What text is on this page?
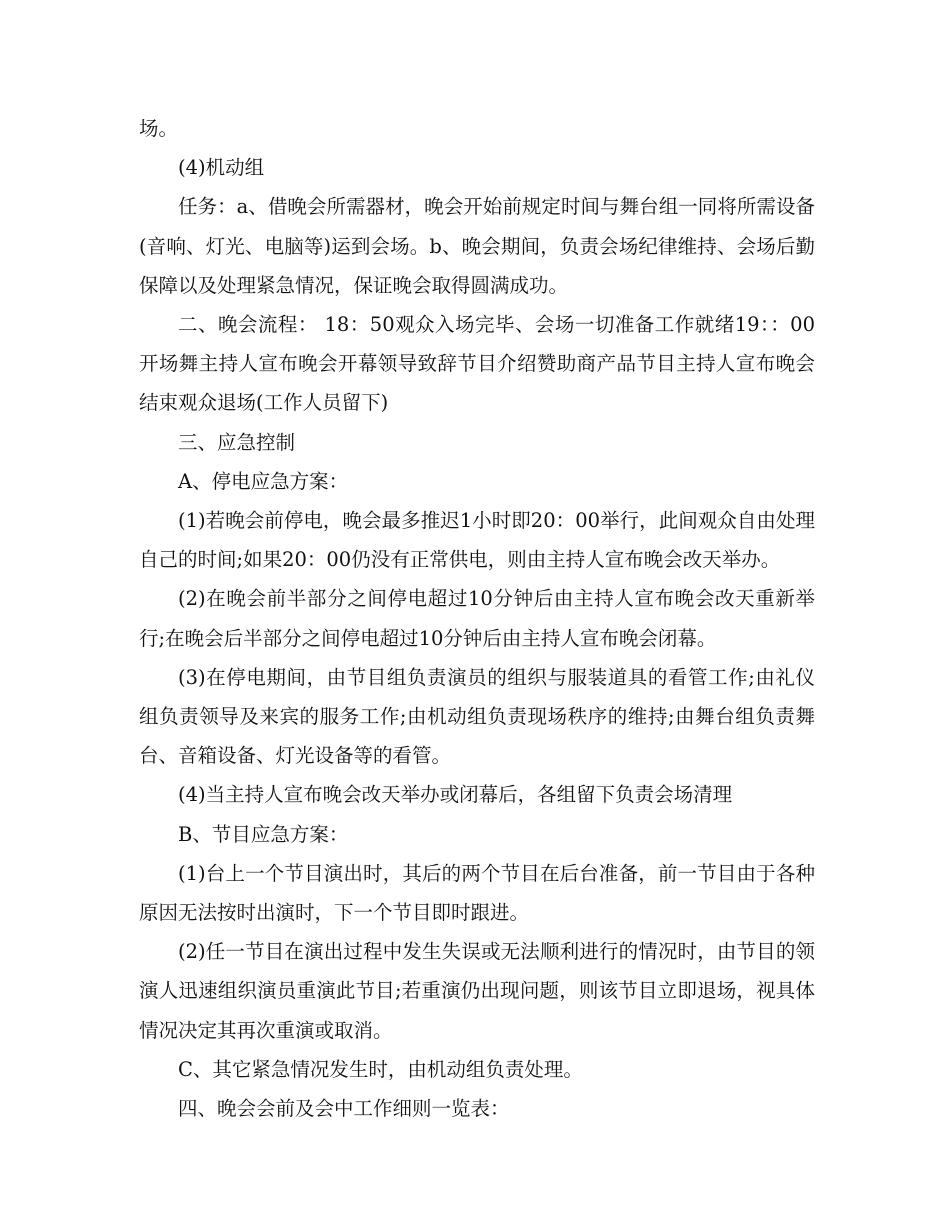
场。

(4)机动组

任务：a、借晚会所需器材，晚会开始前规定时间与舞台组一同将所需设备(音响、灯光、电脑等)运到会场。b、晚会期间，负责会场纪律维持、会场后勤保障以及处理紧急情况，保证晚会取得圆满成功。

二、晚会流程： 18：50观众入场完毕、会场一切准备工作就绪19：：00开场舞主持人宣布晚会开幕领导致辞节目介绍赞助商产品节目主持人宣布晚会结束观众退场(工作人员留下)

三、应急控制

A、停电应急方案：

(1)若晚会前停电，晚会最多推迟1小时即20：00举行，此间观众自由处理自己的时间;如果20：00仍没有正常供电，则由主持人宣布晚会改天举办。

(2)在晚会前半部分之间停电超过10分钟后由主持人宣布晚会改天重新举行;在晚会后半部分之间停电超过10分钟后由主持人宣布晚会闭幕。

(3)在停电期间，由节目组负责演员的组织与服装道具的看管工作;由礼仪组负责领导及来宾的服务工作;由机动组负责现场秩序的维持;由舞台组负责舞台、音箱设备、灯光设备等的看管。

(4)当主持人宣布晚会改天举办或闭幕后，各组留下负责会场清理

B、节目应急方案：

(1)台上一个节目演出时，其后的两个节目在后台准备，前一节目由于各种原因无法按时出演时，下一个节目即时跟进。

(2)任一节目在演出过程中发生失误或无法顺利进行的情况时，由节目的领演人迅速组织演员重演此节目;若重演仍出现问题，则该节目立即退场，视具体情况决定其再次重演或取消。

C、其它紧急情况发生时，由机动组负责处理。

四、晚会会前及会中工作细则一览表：
